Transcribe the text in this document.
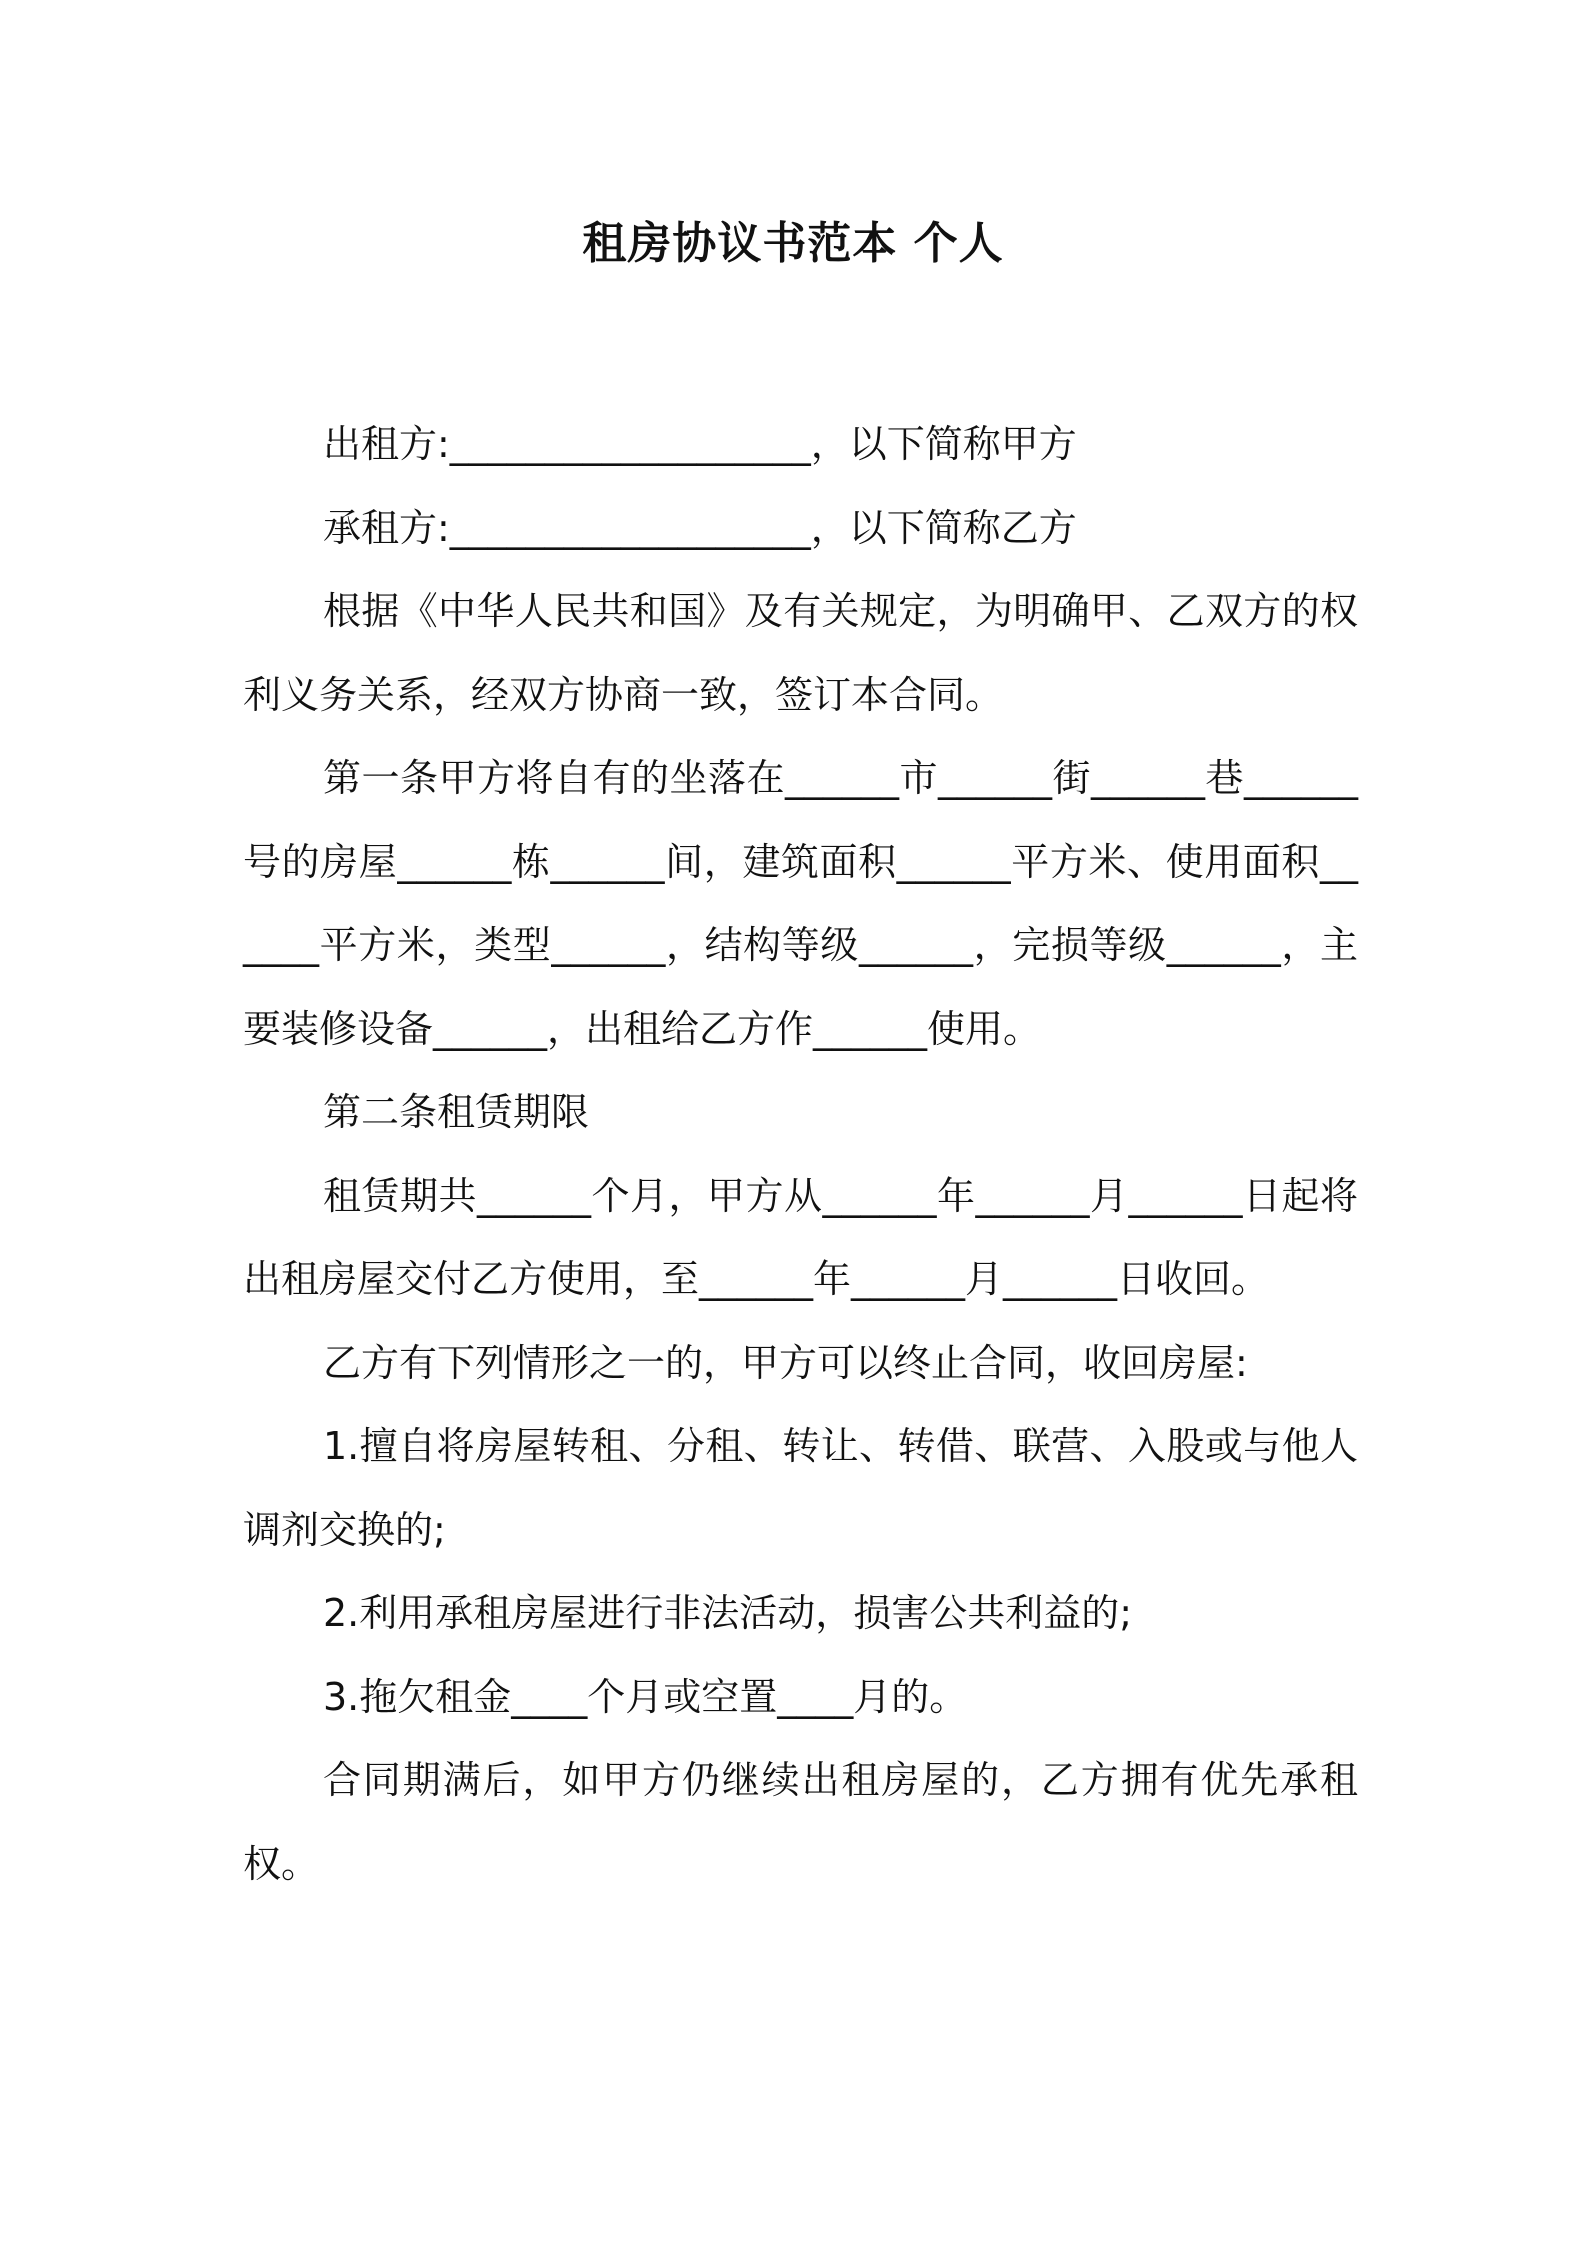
租房协议书范本 个人

出租方:___________________，以下简称甲方

承租方:___________________，以下简称乙方

根据《中华人民共和国》及有关规定，为明确甲、乙双方的权利义务关系，经双方协商一致，签订本合同。

第一条甲方将自有的坐落在______市______街______巷______号的房屋______栋______间，建筑面积______平方米、使用面积______平方米，类型______，结构等级______，完损等级______，主要装修设备______，出租给乙方作______使用。

第二条租赁期限

租赁期共______个月，甲方从______年______月______日起将出租房屋交付乙方使用，至______年______月______日收回。

乙方有下列情形之一的，甲方可以终止合同，收回房屋:

1.擅自将房屋转租、分租、转让、转借、联营、入股或与他人调剂交换的;

2.利用承租房屋进行非法活动，损害公共利益的;

3.拖欠租金____个月或空置____月的。

合同期满后，如甲方仍继续出租房屋的，乙方拥有优先承租权。
